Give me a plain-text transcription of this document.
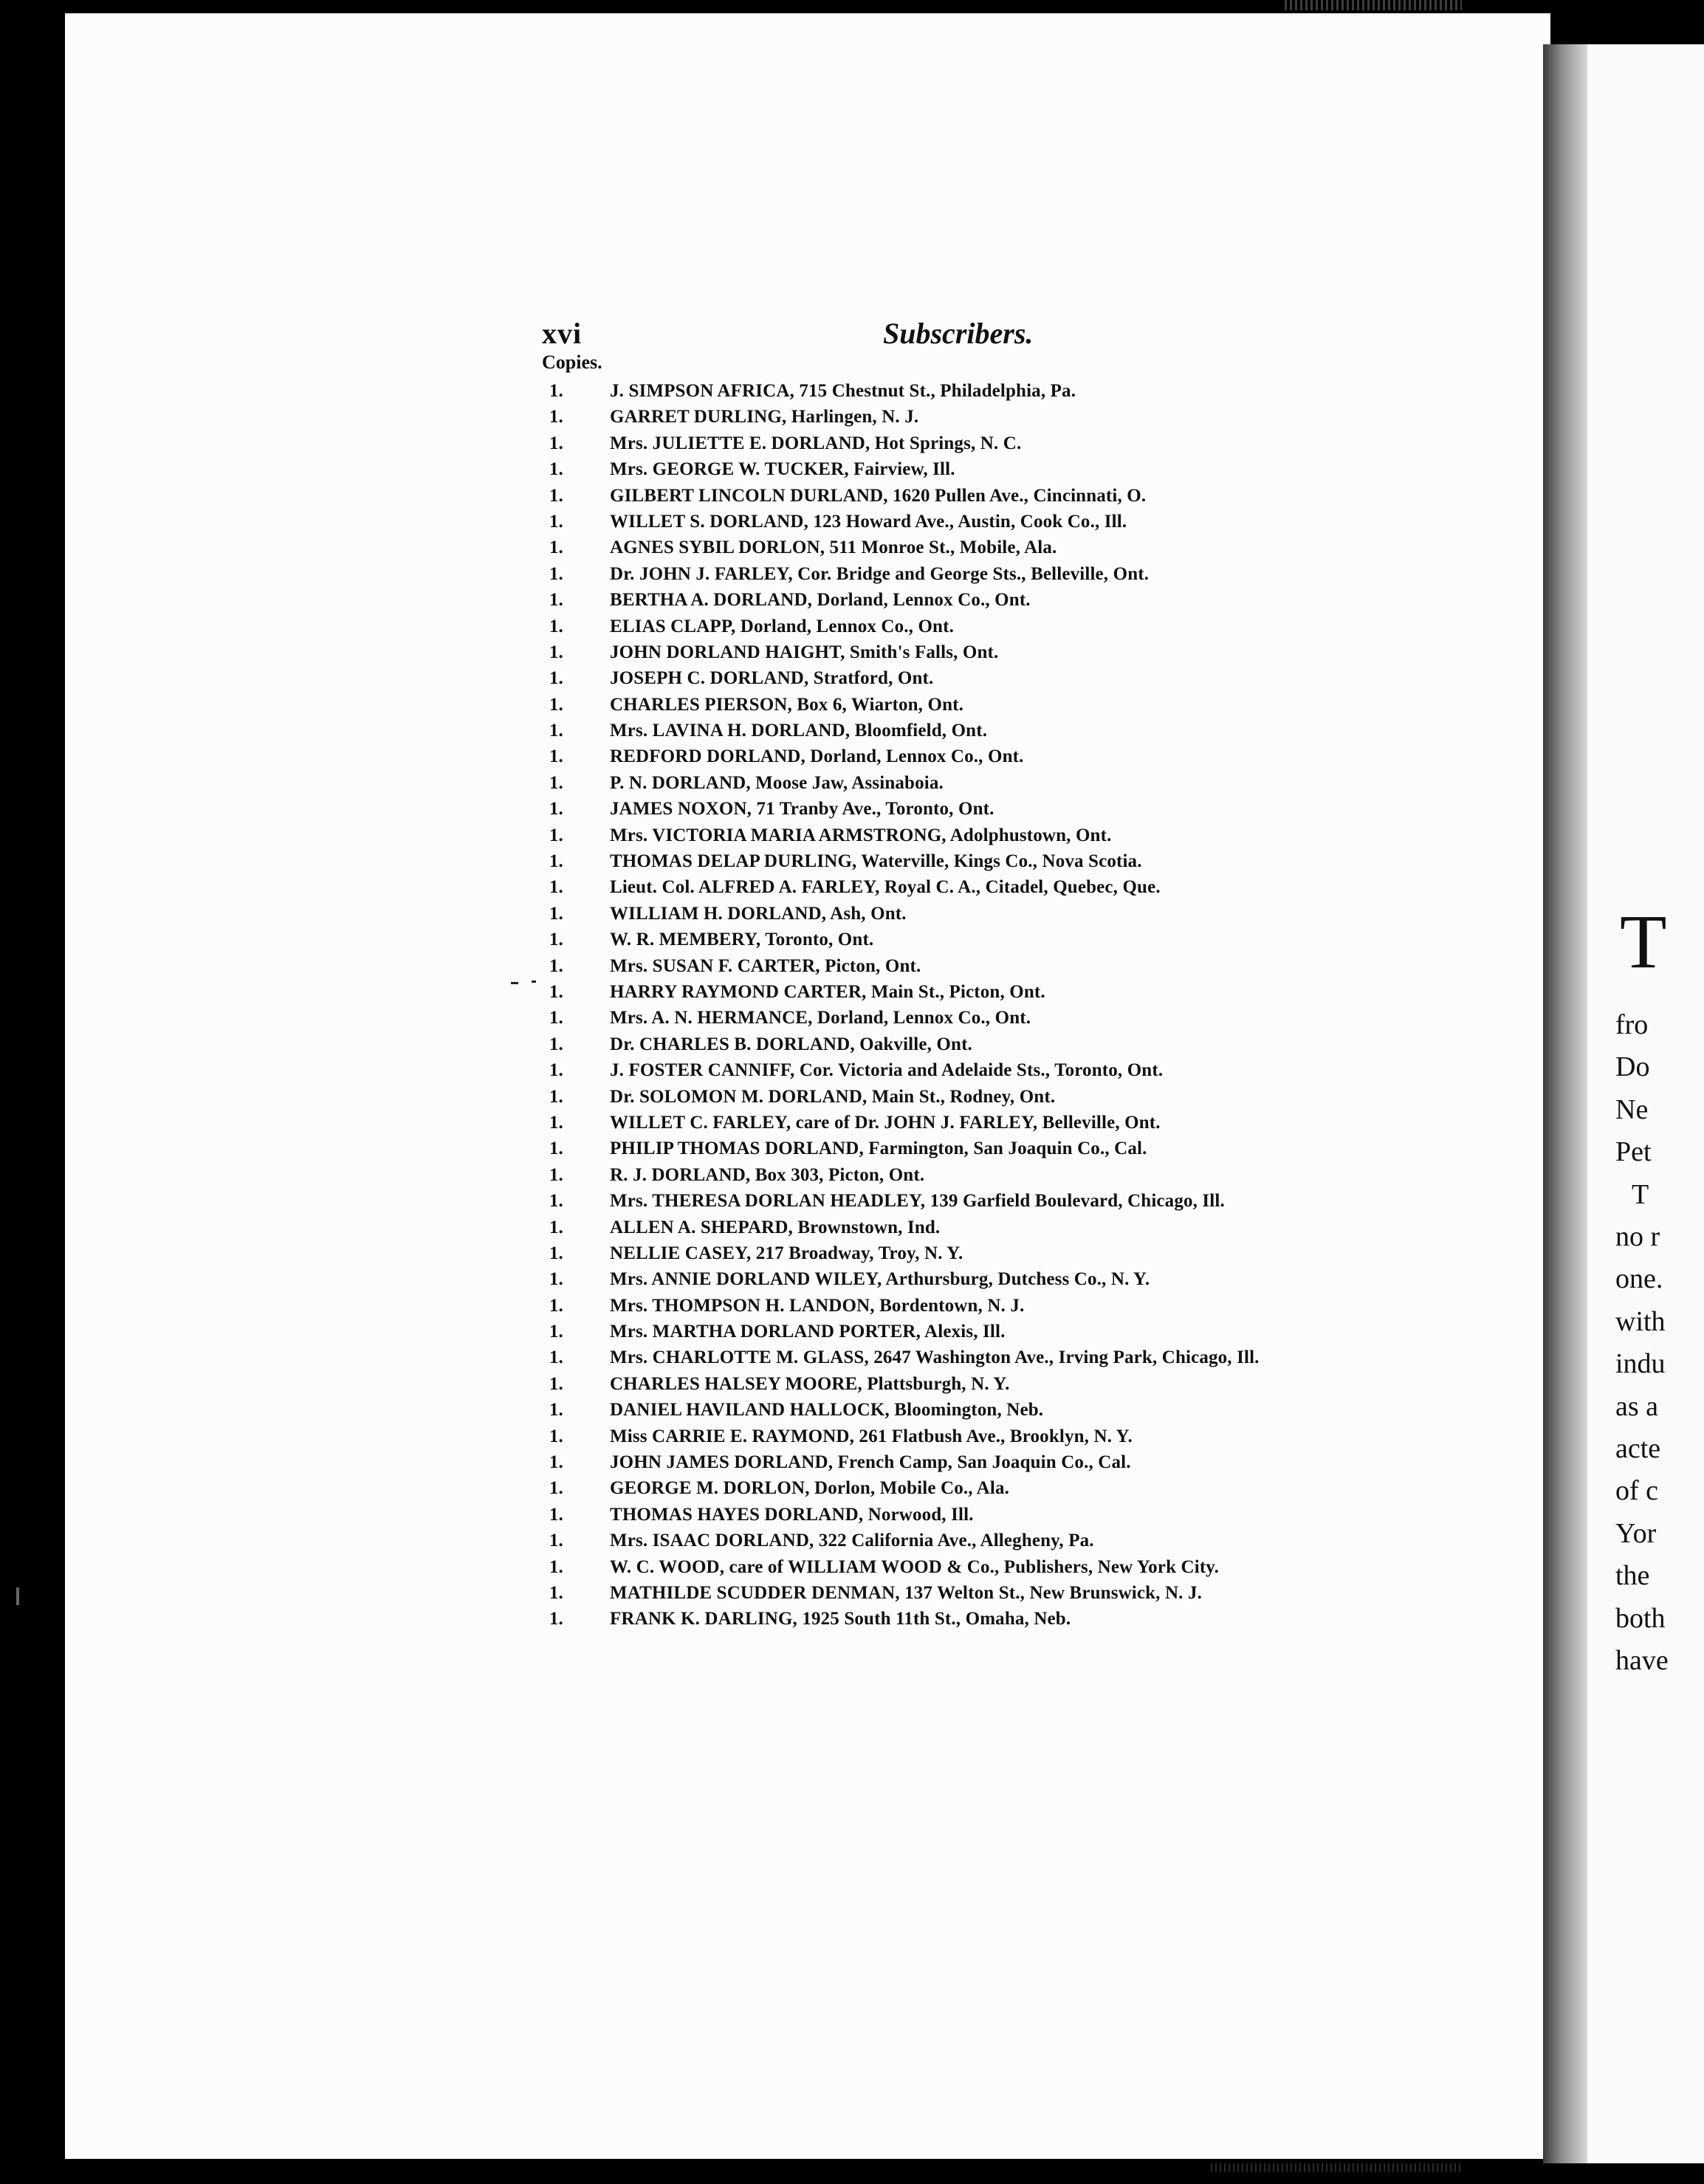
xvi	Subscribers.
Copies.
1.	J. SIMPSON AFRICA, 715 Chestnut St., Philadelphia, Pa.
1.	GARRET DURLING, Harlingen, N. J.
1.	Mrs. JULIETTE E. DORLAND, Hot Springs, N. C.
1.	Mrs. GEORGE W. TUCKER, Fairview, Ill.
1.	GILBERT LINCOLN DURLAND, 1620 Pullen Ave., Cincinnati, O.
1.	WILLET S. DORLAND, 123 Howard Ave., Austin, Cook Co., Ill.
1.	AGNES SYBIL DORLON, 511 Monroe St., Mobile, Ala.
1.	Dr. JOHN J. FARLEY, Cor. Bridge and George Sts., Belleville, Ont.
1.	BERTHA A. DORLAND, Dorland, Lennox Co., Ont.
1.	ELIAS CLAPP, Dorland, Lennox Co., Ont.
1.	JOHN DORLAND HAIGHT, Smith's Falls, Ont.
1.	JOSEPH C. DORLAND, Stratford, Ont.
1.	CHARLES PIERSON, Box 6, Wiarton, Ont.
1.	Mrs. LAVINA H. DORLAND, Bloomfield, Ont.
1.	REDFORD DORLAND, Dorland, Lennox Co., Ont.
1.	P. N. DORLAND, Moose Jaw, Assinaboia.
1.	JAMES NOXON, 71 Tranby Ave., Toronto, Ont.
1.	Mrs. VICTORIA MARIA ARMSTRONG, Adolphustown, Ont.
1.	THOMAS DELAP DURLING, Waterville, Kings Co., Nova Scotia.
1.	Lieut. Col. ALFRED A. FARLEY, Royal C. A., Citadel, Quebec, Que.
1.	WILLIAM H. DORLAND, Ash, Ont.
1.	W. R. MEMBERY, Toronto, Ont.
1.	Mrs. SUSAN F. CARTER, Picton, Ont.
1.	HARRY RAYMOND CARTER, Main St., Picton, Ont.
1.	Mrs. A. N. HERMANCE, Dorland, Lennox Co., Ont.
1.	Dr. CHARLES B. DORLAND, Oakville, Ont.
1.	J. FOSTER CANNIFF, Cor. Victoria and Adelaide Sts., Toronto, Ont.
1.	Dr. SOLOMON M. DORLAND, Main St., Rodney, Ont.
1.	WILLET C. FARLEY, care of Dr. JOHN J. FARLEY, Belleville, Ont.
1.	PHILIP THOMAS DORLAND, Farmington, San Joaquin Co., Cal.
1.	R. J. DORLAND, Box 303, Picton, Ont.
1.	Mrs. THERESA DORLAN HEADLEY, 139 Garfield Boulevard, Chicago, Ill.
1.	ALLEN A. SHEPARD, Brownstown, Ind.
1.	NELLIE CASEY, 217 Broadway, Troy, N. Y.
1.	Mrs. ANNIE DORLAND WILEY, Arthursburg, Dutchess Co., N. Y.
1.	Mrs. THOMPSON H. LANDON, Bordentown, N. J.
1.	Mrs. MARTHA DORLAND PORTER, Alexis, Ill.
1.	Mrs. CHARLOTTE M. GLASS, 2647 Washington Ave., Irving Park, Chicago, Ill.
1.	CHARLES HALSEY MOORE, Plattsburgh, N. Y.
1.	DANIEL HAVILAND HALLOCK, Bloomington, Neb.
1.	Miss CARRIE E. RAYMOND, 261 Flatbush Ave., Brooklyn, N. Y.
1.	JOHN JAMES DORLAND, French Camp, San Joaquin Co., Cal.
1.	GEORGE M. DORLON, Dorlon, Mobile Co., Ala.
1.	THOMAS HAYES DORLAND, Norwood, Ill.
1.	Mrs. ISAAC DORLAND, 322 California Ave., Allegheny, Pa.
1.	W. C. WOOD, care of WILLIAM WOOD & Co., Publishers, New York City.
1.	MATHILDE SCUDDER DENMAN, 137 Welton St., New Brunswick, N. J.
1.	FRANK K. DARLING, 1925 South 11th St., Omaha, Neb.
T
fro
Do
Ne
Pet
T
no r
one.
with
indu
as a
acte
of c
Yor
the
both
have
